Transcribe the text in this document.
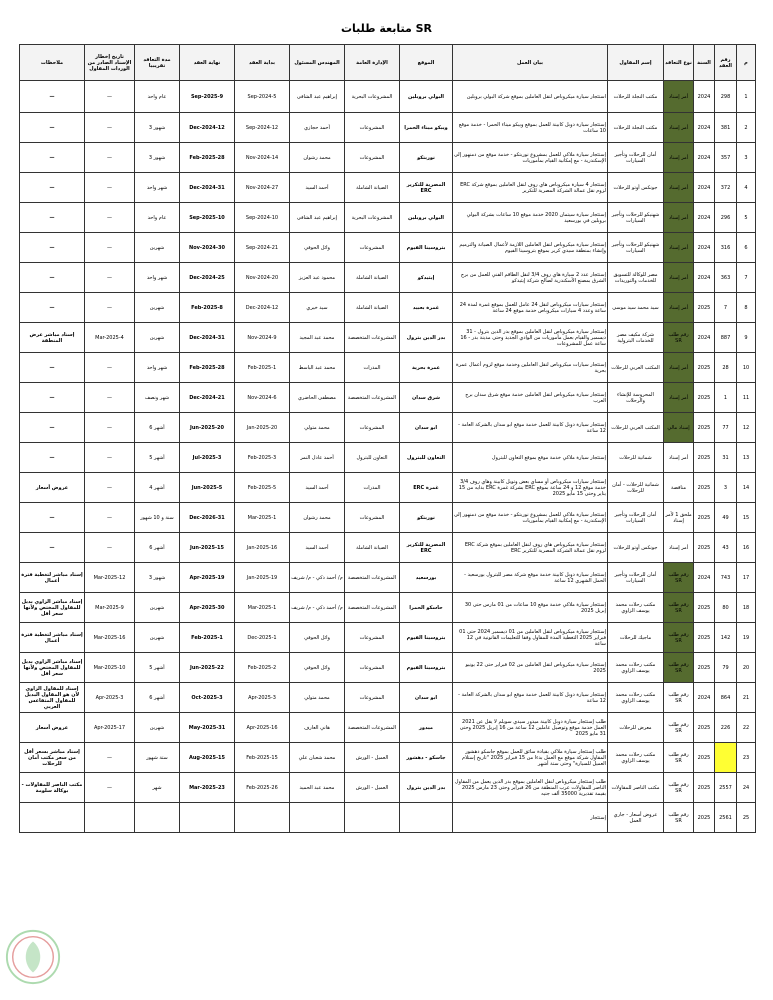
متابعة طلبات SR
م	رقم العقد	السنة	نوع التعاقد	إسم المقاول	بيان العمل	الموقع	الإدارة العامة	المهندس المسئول	بداية العقد	نهاية العقد	مدة التعاقد تقريبيا	تاريخ إخطار الإسناد الصادر من الوردات المقاول	ملاحظات
1	298	2024	أمر إسناد	مكتب النجلة للرحلات	استئجار سيارة ميكروباص لنقل العاملين بموقع شركة البولي بروبلين	البولي بروبلين	المشروعات البحرية	إبراهيم عبد الشافى	5-Sep-2024	9-Sep-2025	عام واحد	—	—
2	381	2024	أمر إسناد	مكتب النجلة للرحلات	إستئجار سيارة دوبل كابينة للعمل بموقع وبيكو ميناء الحمرا - خدمة موقع 10 ساعات	ويبكو ميناء الحمرا	المشروعات	أحمد حجازي	12-Sep-2024	12-Dec-2024	شهور 3	—	—
3	357	2024	أمر إسناد	أمان للرحلات وتأجير السيارات	إستئجار سيارة ملاكي للعمل بمشروع نوربتكو - خدمة موقع من دمنهور إلى الإسكندرية - مع إمكانية القيام بمأموريات	نوربتكو	المشروعات	محمد رشوان	14-Nov-2024	28-Feb-2025	شهور 3	—	—
4	372	2024	أمر إسناد	جونكس أوتو للرحلات	إستئجار 4 سيارة ميكروباص هاي روف لنقل العاملين بموقع شركة ERC لزوم نقل عمالة الشركة المصرية للتكرير	المصرية للتكرير ERC	الصيانة الشاملة	أحمد السيد	27-Nov-2024	31-Dec-2024	شهر واحد	—	—
5	296	2024	أمر إسناد	شهنيكو للرحلات وتأجير السيارات	إستئجار سيارة سيتمان 2020 خدمة موقع 10 ساعات بشركة البولي بروبلين في بورسعيد	البولي بروبلين	المشروعات البحرية	إبراهيم عبد الشافى	10-Sep-2024	10-Sep-2025	عام واحد	—	—
6	316	2024	أمر إسناد	شهنيكو للرحلات وتأجير السيارات	إستئجار سيارة ميكروباص لنقل العاملين اللازمة لأعمال الصيانة والترميم وإنشاء بمنطقة سيدي كرير بموقع بتروسينا الفيوم	بتروسينا الفيوم	المشروعات	وائل الحوفي	21-Sep-2024	30-Nov-2024	شهرين	—	—
7	363	2024	أمر إسناد	مصر للوكالة للتسويق للخدمات والتوريدات	إستئجار عدد 2 سيارة هاي روف 3/4 لنقل الطاقم الفني للعمل من برج الشرق بمصنع الأسكندرية لصالح شركة إيثيدكو	إيثيدكو	الصيانة الشاملة	محمود عبد العزيز	20-Nov-2024	25-Dec-2024	شهر واحد	—	—
8	7	2025	أمر إسناد	سيد محمد سيد موسى	إستئجار سيارات ميكروباص لنقل 24 عامل للعمل بموقع غمرة لمدة 24 ساعة وعدد 4 سيارات ميكروباص خدمة موقع 24 ساعة	غمرة بعبيد	الصيانة الشاملة	سيد خيري	12-Dec-2024	8-Feb-2025	شهرين	—	—
9	887	2024	رقم طلب SR	شركة مكيف مصر للخدمات البترولية	إستئجار سيارة ميكروباص لنقل العاملين بموقع بدر الدين بترول - 31 ديسمبر والقيام بعمل مأموريات من الوادي الجديد وحتى مدينة بدر - 16 ساعة عمل للمشروعات	بدر الدين بترول	المشروعات المتخصصة	محمد عبد المجيد	9-Nov-2024	31-Dec-2024	شهرين	4-Mar-2025	إسناد مباشر عرض المنطقة
10	28	2025	أمر إسناد	المكتب العربي للرحلات	إستئجار سيارات ميكروباص لنقل العاملين وخدمة موقع لزوم أعمال عمرة بحرية	عمرة بحرية	المدرات	محمد عبد الباسط	1-Feb-2025	28-Feb-2025	شهر واحد	—	—
11	1	2025	أمر إسناد	المحروسة للإنشاء والرحلات	إستئجار سيارة ميكروباص لنقل العاملين خدمة موقع شرق سدان برج العرب	شرق سدان	المشروعات المتخصصة	مصطفى الحاضري	6-Nov-2024	21-Dec-2024	شهر ونصف	—	—
12	77	2025	إسناد مالي	المكتب العربي للرحلات	إستئجار سيارة دوبل كابينة للعمل خدمة موقع ابو سدان بالشركة العامة - 12 ساعة	ابو سدان	المشروعات	محمد متولي	20-Jan-2025	20-Jun-2025	أشهر 6	—	—
13	31	2025	أمر إسناد	شمانية للرحلات	إستئجار سيارة ملاكي خدمة موقع بموقع التعاون للبترول	التعاون للبترول	التعاون للبترول	أحمد عادل النمر	3-Feb-2025	3-Jul-2025	أشهر 5	—	—
14	3	2025	مناقصة	شمانية للرحلات - أمان للرحلات	إستئجار سيارات ميكروباص أو مساي بعض وتوبل كابينة وهاي روف 3/4 خدمة موقع 12 و 24 ساعة بموقع ERC بشركة غمرة ERC بدايه من 15 يناير وحتى 15 مايو 2025	غمرة ERC	المدرات	أحمد السيد	5-Feb-2025	5-Jun-2025	أشهر 4	—	عروض أسعار
15	49	2025	ملحق 1 لأمر إسناد	أمان للرحلات وتأجير السيارات	إستئجار سيارة ملاكي للعمل بمشروع نوربتكو - خدمة موقع من دمنهور إلى الإسكندرية - مع إمكانية القيام بمأموريات	نوربتكو	المشروعات	محمد رشوان	1-Mar-2025	31-Dec-2026	سنة و 10 شهور	—	—
16	43	2025	أمر إسناد	جونكس أوتو للرحلات	إستئجار سيارة ميكروباص هاي روف لنقل العاملين بموقع شركة ERC لزوم نقل عمالة الشركة المصرية للتكرير ERC	المصرية للتكرير ERC	الصيانة الشاملة	أحمد السيد	16-Jan-2025	15-Jun-2025	أشهر 6	—	—
17	743	2024	رقم طلب SR	أمان للرحلات وتأجير السيارات	إستئجار سيارة دوبل كابينة خدمة موقع شركة مصر للبترول بورسعيد - الحمل الشهري 12 ساعة	بورسعيد	المشروعات المتخصصة	م/ أحمد ذكي - م/ شريف	19-Jan-2025	19-Apr-2025	شهور 3	12-Mar-2025	إسناد مباشر لتغطية فترة أعمال
18	80	2025	رقم طلب SR	مكتب رحلات محمد يوسف الزاوي	إستئجار سيارة ملاكي خدمة موقع 10 ساعات من 01 مارس حتى 30 إبريل 2025	حاسكو الحمرا	المشروعات المتخصصة	م/ أحمد ذكي - م/ شريف	1-Mar-2025	30-Apr-2025	شهرين	9-Mar-2025	إسناد مباشر الزاوي بديل للمقاول المختص ولأنها سعر أقل
19	142	2025	رقم طلب SR	ماجيك للرحلات	إستئجار سيارة ميكروباص لنقل العاملين من 01 ديسمبر 2024 حتى 01 فبراير 2025 التغطية المدة للمقاول وفقا للتعليمات القانونية في 12 ساعة	بتروسينا الفيوم	المشروعات	وائل الحوفي	1-Dec-2025	1-Feb-2025	شهرين	16-Mar-2025	إسناد مباشر لتغطية فترة أعمال
20	79	2025	رقم طلب SR	مكتب رحلات محمد يوسف الزاوي	إستئجار سيارة ميكروباص لنقل العاملين من 02 فبراير حتى 22 يونيو 2025	بتروسينا الفيوم	المشروعات	وائل الحوفي	2-Feb-2025	22-Jun-2025	أشهر 5	10-Mar-2025	إسناد مباشر الزاوي بديل للمقاول المختص ولأنها سعر أقل
21	864	2024	رقم طلب SR	مكتب رحلات محمد يوسف الزاوي	إستئجار سيارة دوبل كابينة للعمل خدمة موقع ابو سدان بالشركة العامة - 12 ساعة	ابو سدان	المشروعات	محمد متولي	3-Apr-2025	3-Oct-2025	أشهر 6	3-Apr-2025	إسناد للمقاول الزاوي لأن هو المقاول البديل للمقاول المتقاعس العربي
22	226	2025	رقم طلب SR	معرض للرحلات	طلب إستئجار سيارة دوبل كابينة ميدور سيدي سويلم لا يقل عن 2021 العمل خدمة موقع وتوصيل عاملين 12 ساعة من 16 إبريل 2025 وحتى 31 مايو 2025	ميدور	المشروعات المتخصصة	هاني العارف	16-Apr-2025	31-May-2025	شهرين	17-Apr-2025	عروض أسعار
23		2025	رقم طلب SR	مكتب رحلات محمد يوسف الزاوي	طلب إستئجار سيارة ملاكي بقيادة سائق للعمل بموقع جاسكو دهشور المقاول شركة موقع مع العمل بدءا من 15 فبراير 2025 "تاريخ إستلام العميل للسيارة" وحتى ستة أشهر	جاسكو - دهشور	العميل - الورش	محمد شعبان علي	15-Feb-2025	15-Aug-2025	ستة شهور	—	إسناد مباشر بسعر أقل من سعر مكتب أمان للرحلات
24	2557	2025	رقم طلب SR	مكتب الناصر للمقاولات	طلب إستئجار ميكروباص لنقل العاملين بموقع بدر الدين يعمل من المقاول الناصر للمقاولات عرب المنطقة من 26 فبراير وحتى 23 مارس 2025 بقيمة تقديرية 35000 ألف جنيه	بدر الدين بترول	العميل - الورش	محمد عبد الحميد	26-Feb-2025	23-Mar-2025	شهر	—	مكتب الناصر للمقاولات - بوكالة سلومة
25	2561	2025	رقم طلب SR	عروض أسعار - جاري العمل	إستئجار								
